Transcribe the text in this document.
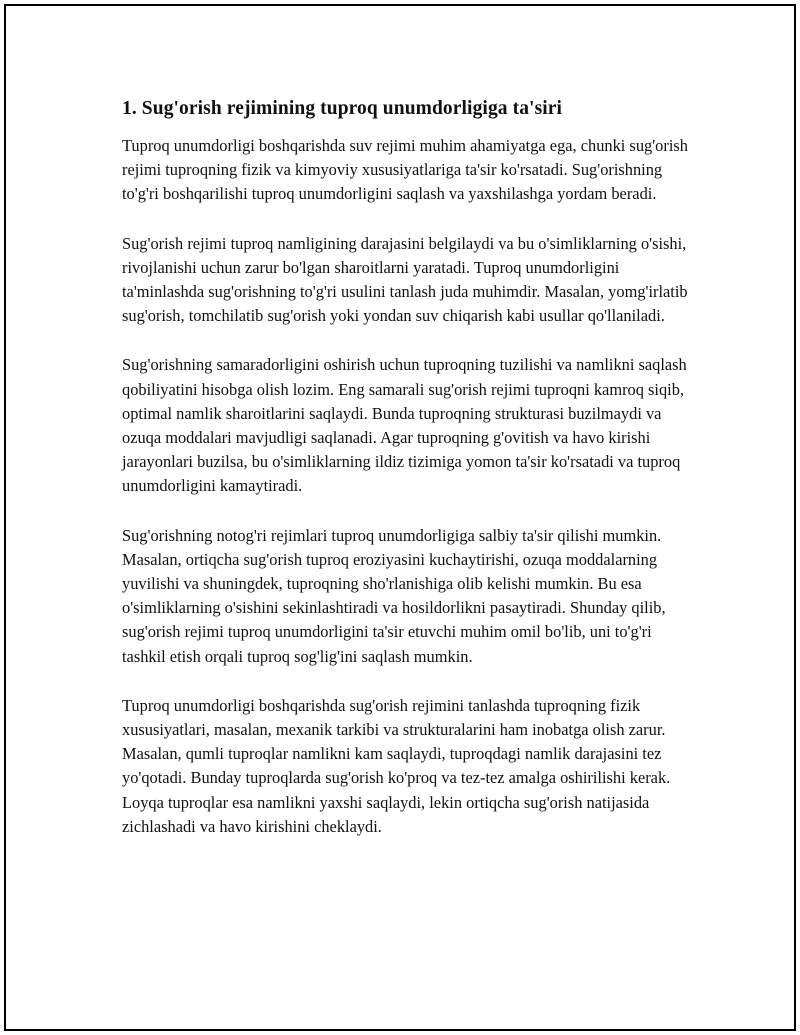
1. Sug'orish rejimining tuproq unumdorligiga ta'siri

Tuproq unumdorligi boshqarishda suv rejimi muhim ahamiyatga ega, chunki sug'orish rejimi tuproqning fizik va kimyoviy xususiyatlariga ta'sir ko'rsatadi. Sug'orishning to'g'ri boshqarilishi tuproq unumdorligini saqlash va yaxshilashga yordam beradi.

Sug'orish rejimi tuproq namligining darajasini belgilaydi va bu o'simliklarning o'sishi, rivojlanishi uchun zarur bo'lgan sharoitlarni yaratadi. Tuproq unumdorligini ta'minlashda sug'orishning to'g'ri usulini tanlash juda muhimdir. Masalan, yomg'irlatib sug'orish, tomchilatib sug'orish yoki yondan suv chiqarish kabi usullar qo'llaniladi.

Sug'orishning samaradorligini oshirish uchun tuproqning tuzilishi va namlikni saqlash qobiliyatini hisobga olish lozim. Eng samarali sug'orish rejimi tuproqni kamroq siqib, optimal namlik sharoitlarini saqlaydi. Bunda tuproqning strukturasi buzilmaydi va ozuqa moddalari mavjudligi saqlanadi. Agar tuproqning g'ovitish va havo kirishi jarayonlari buzilsa, bu o'simliklarning ildiz tizimiga yomon ta'sir ko'rsatadi va tuproq unumdorligini kamaytiradi.

Sug'orishning notog'ri rejimlari tuproq unumdorligiga salbiy ta'sir qilishi mumkin. Masalan, ortiqcha sug'orish tuproq eroziyasini kuchaytirishi, ozuqa moddalarning yuvilishi va shuningdek, tuproqning sho'rlanishiga olib kelishi mumkin. Bu esa o'simliklarning o'sishini sekinlashtiradi va hosildorlikni pasaytiradi. Shunday qilib, sug'orish rejimi tuproq unumdorligini ta'sir etuvchi muhim omil bo'lib, uni to'g'ri tashkil etish orqali tuproq sog'lig'ini saqlash mumkin.

Tuproq unumdorligi boshqarishda sug'orish rejimini tanlashda tuproqning fizik xususiyatlari, masalan, mexanik tarkibi va strukturalarini ham inobatga olish zarur. Masalan, qumli tuproqlar namlikni kam saqlaydi, tuproqdagi namlik darajasini tez yo'qotadi. Bunday tuproqlarda sug'orish ko'proq va tez-tez amalga oshirilishi kerak. Loyqa tuproqlar esa namlikni yaxshi saqlaydi, lekin ortiqcha sug'orish natijasida zichlashadi va havo kirishini cheklaydi.
